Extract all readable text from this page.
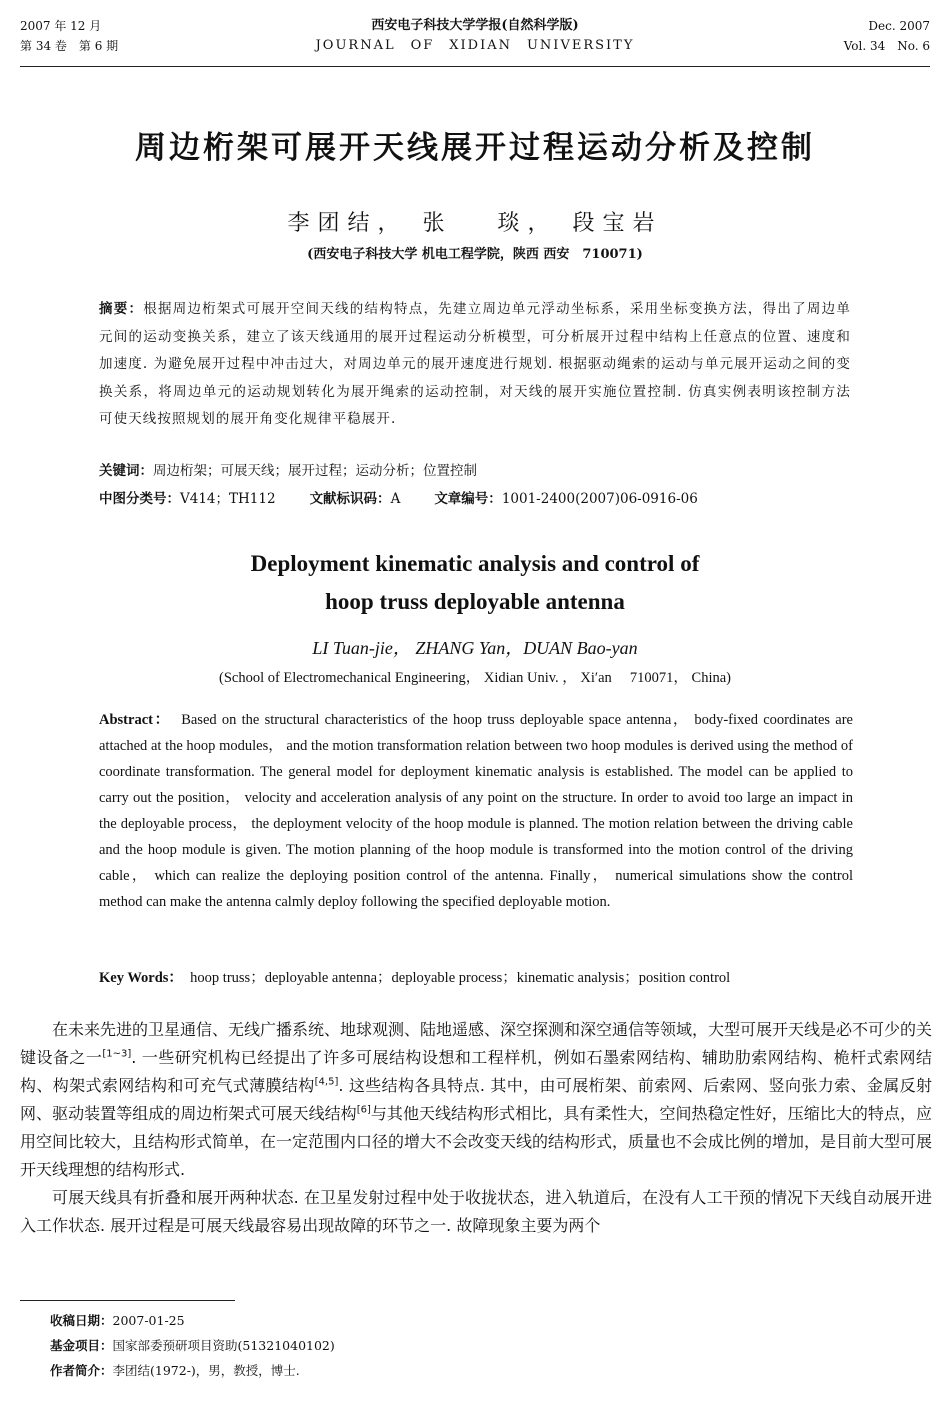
2007 年 12 月
第 34 卷　第 6 期
西安电子科技大学学报(自然科学版)
JOURNAL　OF　XIDIAN　UNIVERSITY
Dec. 2007
Vol. 34　No. 6
周边桁架可展开天线展开过程运动分析及控制
李团结， 张　 琰， 段宝岩
(西安电子科技大学 机电工程学院，陕西 西安　710071)
摘要：根据周边桁架式可展开空间天线的结构特点，先建立周边单元浮动坐标系，采用坐标变换方法，得出了周边单元间的运动变换关系，建立了该天线通用的展开过程运动分析模型，可分析展开过程中结构上任意点的位置、速度和加速度. 为避免展开过程中冲击过大，对周边单元的展开速度进行规划. 根据驱动绳索的运动与单元展开运动之间的变换关系，将周边单元的运动规划转化为展开绳索的运动控制，对天线的展开实施位置控制. 仿真实例表明该控制方法可使天线按照规划的展开角变化规律平稳展开.
关键词：周边桁架；可展天线；展开过程；运动分析；位置控制
中图分类号：V414；TH112	文献标识码：A	文章编号：1001-2400(2007)06-0916-06
Deployment kinematic analysis and control of
hoop truss deployable antenna
LI Tuan-jie， ZHANG Yan，DUAN Bao-yan
(School of Electromechanical Engineering， Xidian Univ. ， Xi′an　 710071， China)
Abstract： Based on the structural characteristics of the hoop truss deployable space antenna， body-fixed coordinates are attached at the hoop modules， and the motion transformation relation between two hoop modules is derived using the method of coordinate transformation. The general model for deployment kinematic analysis is established. The model can be applied to carry out the position， velocity and acceleration analysis of any point on the structure. In order to avoid too large an impact in the deployable process， the deployment velocity of the hoop module is planned. The motion relation between the driving cable and the hoop module is given. The motion planning of the hoop module is transformed into the motion control of the driving cable， which can realize the deploying position control of the antenna. Finally， numerical simulations show the control method can make the antenna calmly deploy following the specified deployable motion.
Key Words： hoop truss；deployable antenna；deployable process；kinematic analysis；position control

在未来先进的卫星通信、无线广播系统、地球观测、陆地遥感、深空探测和深空通信等领域，大型可展开天线是必不可少的关键设备之一[1~3]. 一些研究机构已经提出了许多可展结构设想和工程样机，例如石墨索网结构、辅助肋索网结构、桅杆式索网结构、构架式索网结构和可充气式薄膜结构[4,5]. 这些结构各具特点. 其中，由可展桁架、前索网、后索网、竖向张力索、金属反射网、驱动装置等组成的周边桁架式可展天线结构[6]与其他天线结构形式相比，具有柔性大，空间热稳定性好，压缩比大的特点，应用空间比较大，且结构形式简单，在一定范围内口径的增大不会改变天线的结构形式，质量也不会成比例的增加，是目前大型可展开天线理想的结构形式.

可展天线具有折叠和展开两种状态. 在卫星发射过程中处于收拢状态，进入轨道后，在没有人工干预的情况下天线自动展开进入工作状态. 展开过程是可展天线最容易出现故障的环节之一. 故障现象主要为两个

收稿日期：2007-01-25
基金项目：国家部委预研项目资助(51321040102)
作者简介：李团结(1972-)，男，教授，博士.
